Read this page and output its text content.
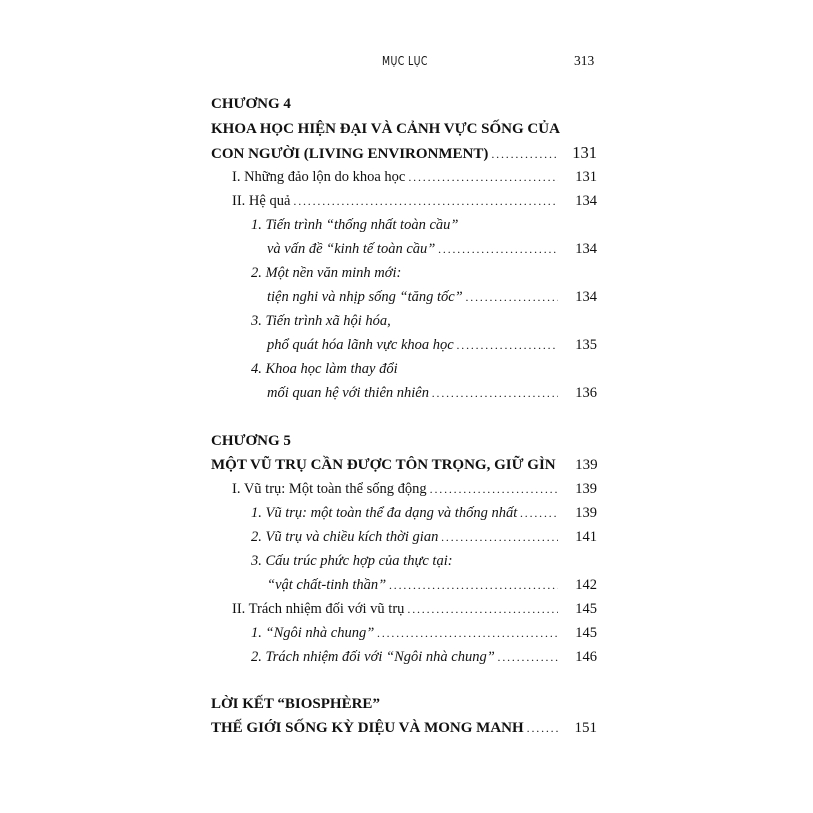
MỤC LỤC	313
CHƯƠNG 4
KHOA HỌC HIỆN ĐẠI VÀ CẢNH VỰC SỐNG CỦA
CON NGƯỜI (LIVING ENVIRONMENT) . . .	131
I. Những đảo lộn do khoa học . . .	131
II. Hệ quả . . .	134
1. Tiến trình “thống nhất toàn cầu”
và vấn đề “kinh tế toàn cầu” . . .	134
2. Một nền văn minh mới:
tiện nghi và nhịp sống “tăng tốc” . . .	134
3. Tiến trình xã hội hóa,
phổ quát hóa lãnh vực khoa học . . .	135
4. Khoa học làm thay đổi
mối quan hệ với thiên nhiên . . .	136
CHƯƠNG 5
MỘT VŨ TRỤ CẦN ĐƯỢC TÔN TRỌNG, GIỮ GÌN	139
I. Vũ trụ: Một toàn thể sống động . . .	139
1. Vũ trụ: một toàn thể đa dạng và thống nhất . . .	139
2. Vũ trụ và chiều kích thời gian . . .	141
3. Cấu trúc phức hợp của thực tại:
“vật chất-tinh thần” . . .	142
II. Trách nhiệm đối với vũ trụ . . .	145
1. “Ngôi nhà chung” . . .	145
2. Trách nhiệm đối với “Ngôi nhà chung” . . .	146
LỜI KẾT “BIOSPHÈRE”
THẾ GIỚI SỐNG KỲ DIỆU VÀ MONG MANH . . .	151
